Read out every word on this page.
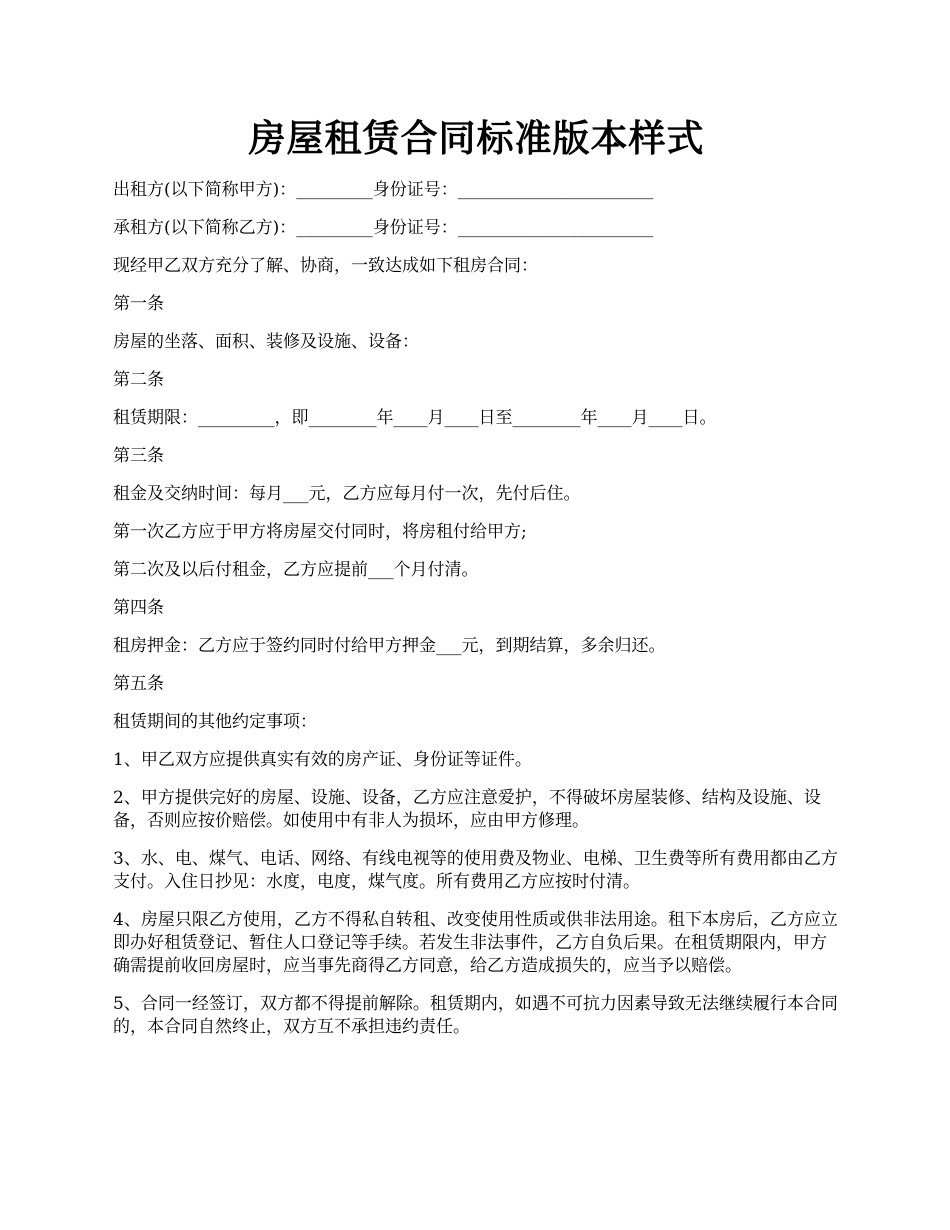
房屋租赁合同标准版本样式

出租方(以下简称甲方)：_________身份证号：_______________________

承租方(以下简称乙方)：_________身份证号：_______________________

现经甲乙双方充分了解、协商，一致达成如下租房合同：

第一条

房屋的坐落、面积、装修及设施、设备：

第二条

租赁期限：_________，即________年____月____日至________年____月____日。

第三条

租金及交纳时间：每月___元，乙方应每月付一次，先付后住。

第一次乙方应于甲方将房屋交付同时，将房租付给甲方;

第二次及以后付租金，乙方应提前___个月付清。

第四条

租房押金：乙方应于签约同时付给甲方押金___元，到期结算，多余归还。

第五条

租赁期间的其他约定事项：

1、甲乙双方应提供真实有效的房产证、身份证等证件。

2、甲方提供完好的房屋、设施、设备，乙方应注意爱护，不得破坏房屋装修、结构及设施、设备，否则应按价赔偿。如使用中有非人为损坏，应由甲方修理。

3、水、电、煤气、电话、网络、有线电视等的使用费及物业、电梯、卫生费等所有费用都由乙方支付。入住日抄见：水度，电度，煤气度。所有费用乙方应按时付清。

4、房屋只限乙方使用，乙方不得私自转租、改变使用性质或供非法用途。租下本房后，乙方应立即办好租赁登记、暂住人口登记等手续。若发生非法事件，乙方自负后果。在租赁期限内，甲方确需提前收回房屋时，应当事先商得乙方同意，给乙方造成损失的，应当予以赔偿。

5、合同一经签订，双方都不得提前解除。租赁期内，如遇不可抗力因素导致无法继续履行本合同的，本合同自然终止，双方互不承担违约责任。
